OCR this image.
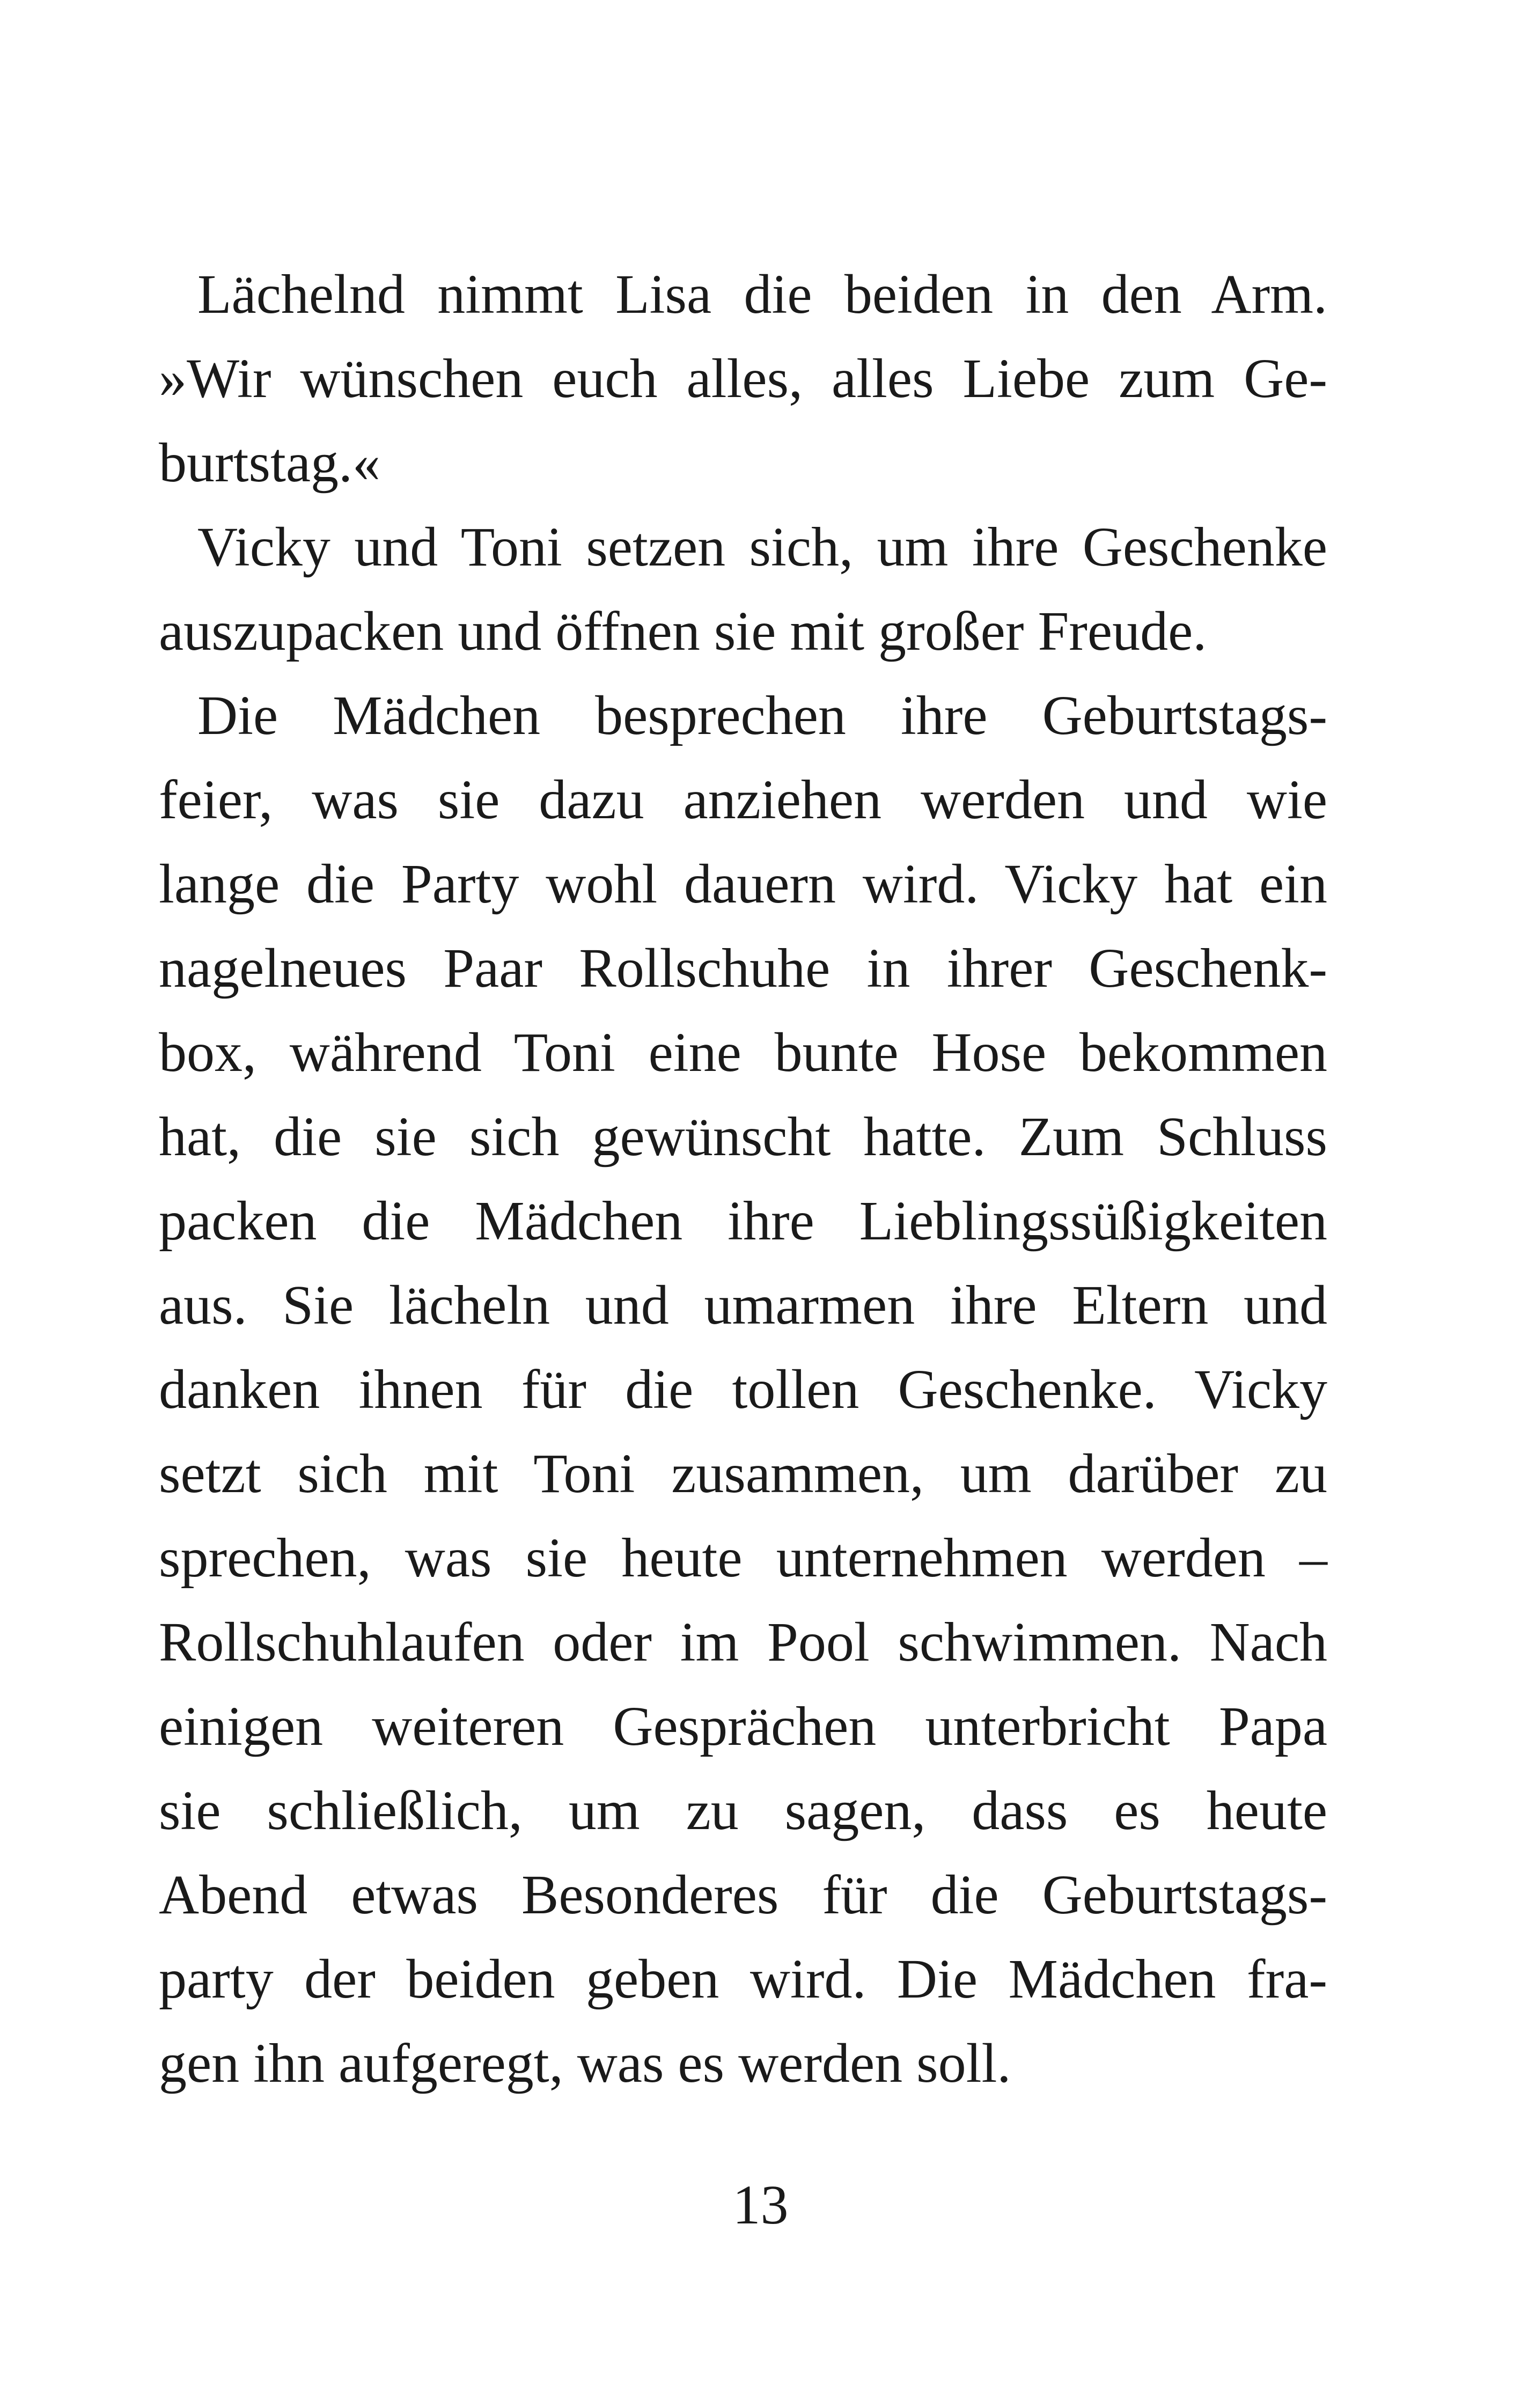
Lächelnd nimmt Lisa die beiden in den Arm.
»Wir wünschen euch alles, alles Liebe zum Ge-
burtstag.«
Vicky und Toni setzen sich, um ihre Geschenke
auszupacken und öffnen sie mit großer Freude.
Die Mädchen besprechen ihre Geburtstags-
feier, was sie dazu anziehen werden und wie
lange die Party wohl dauern wird. Vicky hat ein
nagelneues Paar Rollschuhe in ihrer Geschenk-
box, während Toni eine bunte Hose bekommen
hat, die sie sich gewünscht hatte. Zum Schluss
packen die Mädchen ihre Lieblingssüßigkeiten
aus. Sie lächeln und umarmen ihre Eltern und
danken ihnen für die tollen Geschenke. Vicky
setzt sich mit Toni zusammen, um darüber zu
sprechen, was sie heute unternehmen werden –
Rollschuhlaufen oder im Pool schwimmen. Nach
einigen weiteren Gesprächen unterbricht Papa
sie schließlich, um zu sagen, dass es heute
Abend etwas Besonderes für die Geburtstags-
party der beiden geben wird. Die Mädchen fra-
gen ihn aufgeregt, was es werden soll.
13
